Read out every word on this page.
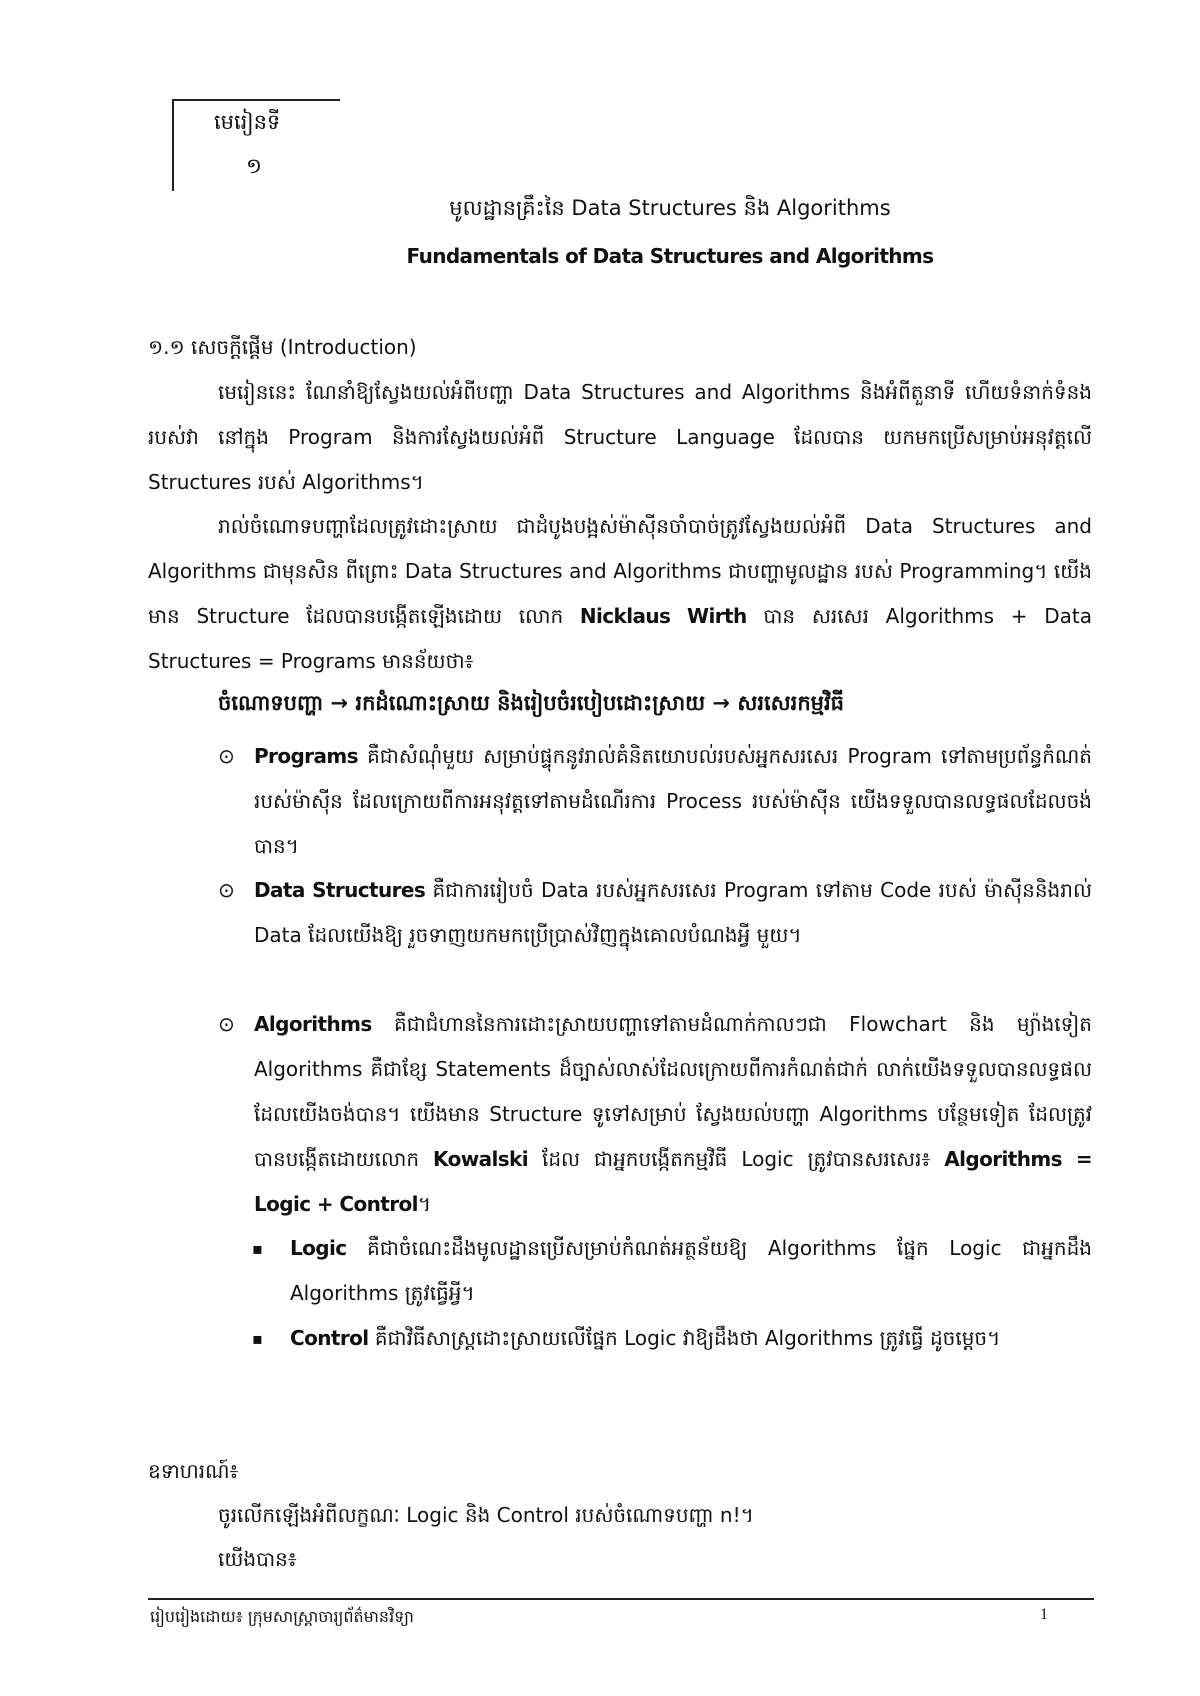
មេរៀនទី
១
មូលដ្ឋានគ្រឹះនៃ Data Structures និង Algorithms
Fundamentals of Data Structures and Algorithms
១.១ សេចក្តីផ្តើម (Introduction)

មេរៀននេះ ណែនាំឱ្យស្វែងយល់អំពីបញ្ហា Data Structures and Algorithms និងអំពីតួនាទី ហើយទំនាក់ទំនងរបស់វា នៅក្នុង Program និងការស្វែងយល់អំពី Structure Language ដែលបាន យកមកប្រើសម្រាប់អនុវត្តលើ Structures របស់ Algorithms។

រាល់ចំណោទបញ្ហាដែលត្រូវដោះស្រាយ ជាដំបូងបង្អស់ម៉ាស៊ីនចាំបាច់ត្រូវស្វែងយល់អំពី Data Structures and Algorithms ជាមុនសិន ពីព្រោះ Data Structures and Algorithms ជាបញ្ហាមូលដ្ឋាន របស់ Programming។ យើងមាន Structure ដែលបានបង្កើតឡើងដោយ លោក Nicklaus Wirth បាន សរសេរ Algorithms + Data Structures = Programs មានន័យថា៖

ចំណោទបញ្ហា → រកដំណោះស្រាយ និងរៀបចំរបៀបដោះស្រាយ → សរសេរកម្មវិធី
⊙ Programs គឺជាសំណុំមួយ សម្រាប់ផ្ទុកនូវរាល់គំនិតយោបល់របស់អ្នកសរសេរ Program ទៅតាមប្រព័ន្ធកំណត់របស់ម៉ាស៊ីន ដែលក្រោយពីការអនុវត្តទៅតាមដំណើរការ Process របស់ម៉ាស៊ីន យើងទទួលបានលទ្ធផលដែលចង់បាន។
⊙ Data Structures គឺជាការរៀបចំ Data របស់អ្នកសរសេរ Program ទៅតាម Code របស់ ម៉ាស៊ីននិងរាល់ Data ដែលយើងឱ្យ រួចទាញយកមកប្រើប្រាស់វិញក្នុងគោលបំណងអ្វី មួយ។
⊙ Algorithms គឺជាជំហាននៃការដោះស្រាយបញ្ហាទៅតាមដំណាក់កាលៗជា Flowchart និង ម្យ៉ាងទៀត Algorithms គឺជាខ្សែ Statements ដ៏ច្បាស់លាស់ដែលក្រោយពីការកំណត់ជាក់ លាក់យើងទទួលបានលទ្ធផលដែលយើងចង់បាន។ យើងមាន Structure ទូទៅសម្រាប់ ស្វែងយល់បញ្ហា Algorithms បន្ថែមទៀត ដែលត្រូវបានបង្កើតដោយលោក Kowalski ដែល ជាអ្នកបង្កើតកម្មវិធី Logic ត្រូវបានសរសេរ៖ Algorithms = Logic + Control។
▪	Logic គឺជាចំណេះដឹងមូលដ្ឋានប្រើសម្រាប់កំណត់អត្ថន័យឱ្យ Algorithms ផ្នែក Logic ជាអ្នកដឹង Algorithms ត្រូវធ្វើអ្វី។
▪	Control គឺជាវិធីសាស្ត្រដោះស្រាយលើផ្នែក Logic វាឱ្យដឹងថា Algorithms ត្រូវធ្វើ ដូចម្តេច។
ឧទាហរណ៍៖
ចូរលើកឡើងអំពីលក្ខណៈ Logic និង Control របស់ចំណោទបញ្ហា n!។
យើងបាន៖
រៀបរៀងដោយ៖ ក្រុមសាស្ត្រាចារ្យព័ត៌មានវិទ្យា	1
